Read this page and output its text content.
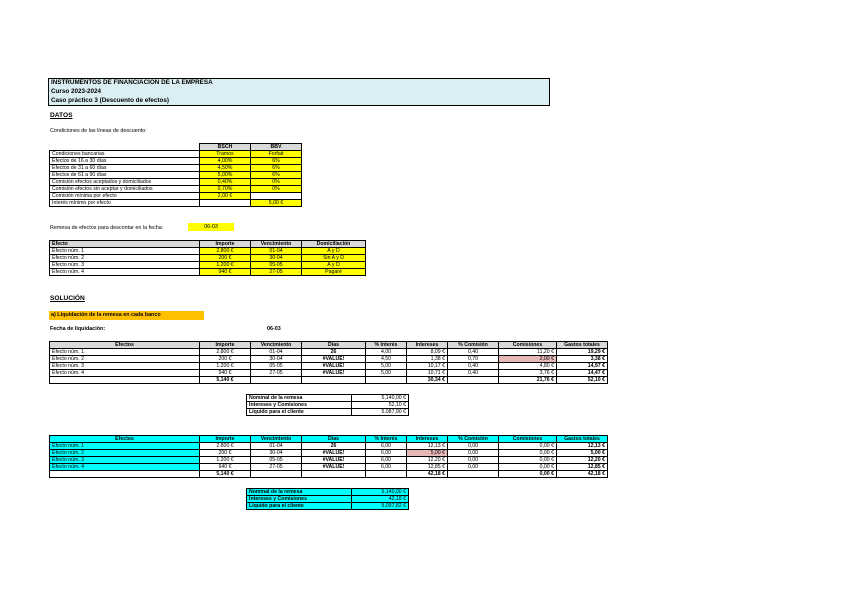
INSTRUMENTOS DE FINANCIACIÓN DE LA EMPRESA
Curso 2023-2024
Caso práctico 3 (Descuento de efectos)
DATOS
Condiciones de las líneas de descuento:
	BSCH	BBV
Condiciones bancarias	Tramos	Forfait
Efectos de 16 a 30 días	4,00%	6%
Efectos de 31 a 60 días	4,50%	6%
Efectos de 61 a 90 días	5,00%	6%
Comisión efectos aceptados y domiciliados	0,40%	0%
Comisión efectos sin aceptar y domiciliados	0,70%	0%
Comisión mínima por efecto	2,00 €	
Interés mínimo por efecto		5,00 €
Remesa de efectos para descontar en la fecha:	06-03
Efecto	Importe	Vencimiento	Domiciliación
Efecto núm. 1	2.800 €	01-04	A y D
Efecto núm. 2	200 €	30-04	Sin A y D
Efecto núm. 3	1.200 €	05-05	A y D
Efecto núm. 4	940 €	27-05	Pagaré
SOLUCIÓN
a) Liquidación de la remesa en cada banco
Fecha de liquidación:	06-03
Efectos	Importe	Vencimiento	Días	% Interés	Intereses	% Comisión	Comisiones	Gastos totales
Efecto núm. 1	2.800 €	01-04	26	4,00	8,09 €	0,40	11,20 €	19,29 €
Efecto núm. 2	200 €	30-04	#VALUE!	4,50	1,38 €	0,70	2,00 €	3,38 €
Efecto núm. 3	1.200 €	05-05	#VALUE!	5,00	10,17 €	0,40	4,80 €	14,97 €
Efecto núm. 4	940 €	27-05	#VALUE!	5,00	10,71 €	0,40	3,76 €	14,47 €
	5,140 €				30,34 €		21,76 €	52,10 €
Nominal de la remesa	5,140,00 €
Intereses y Comisiones	52,10 €
Líquido para el cliente	5,087,90 €
Efectos	Importe	Vencimiento	Días	% Interés	Intereses	% Comisión	Comisiones	Gastos totales
Efecto núm. 1	2.800 €	01-04	26	6,00	12,13 €	0,00	0,00 €	12,13 €
Efecto núm. 2	200 €	30-04	#VALUE!	6,00	5,00 €	0,00	0,00 €	5,00 €
Efecto núm. 3	1.200 €	05-05	#VALUE!	6,00	12,20 €	0,00	0,00 €	12,20 €
Efecto núm. 4	940 €	27-05	#VALUE!	6,00	12,85 €	0,00	0,00 €	12,85 €
	5,140 €				42,18 €		0,00 €	42,18 €
Nominal de la remesa	5,140,00 €
Intereses y Comisiones	42,18 €
Líquido para el cliente	5,097,82 €
